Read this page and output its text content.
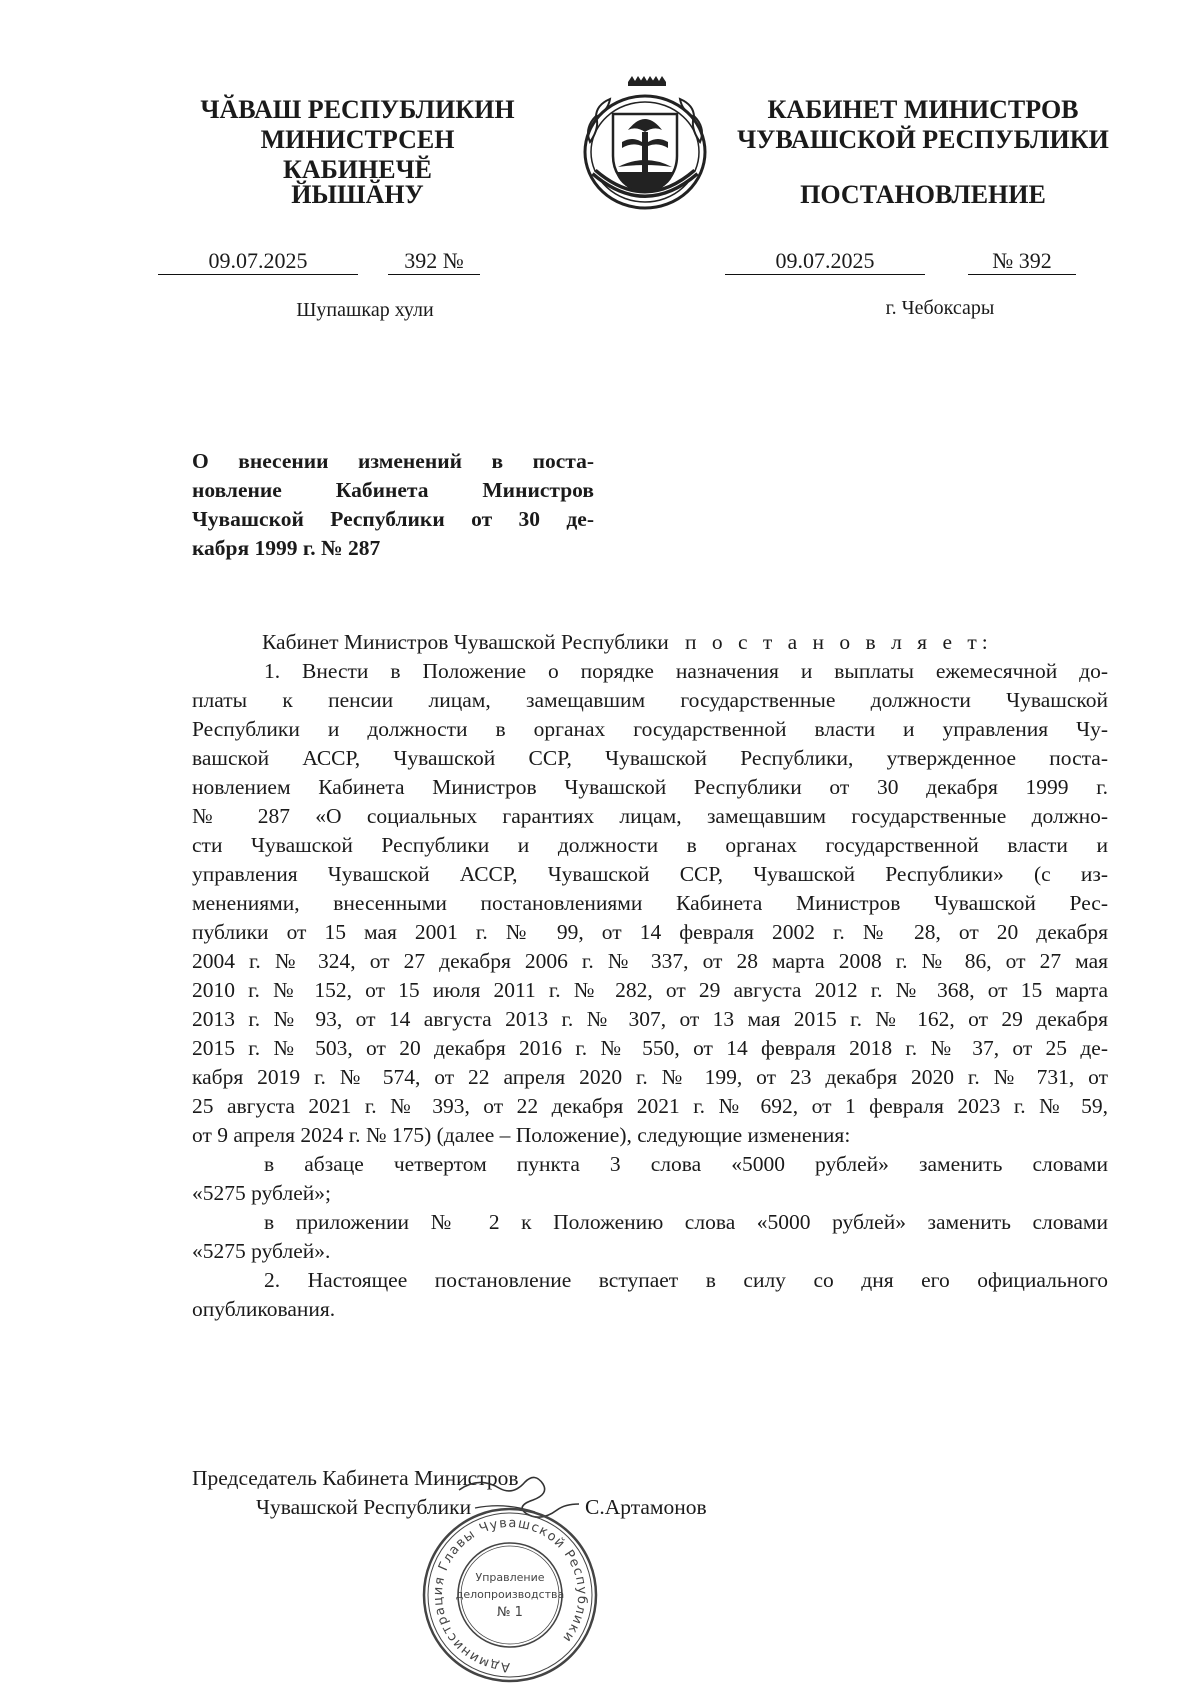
ЧӐВАШ РЕСПУБЛИКИН
МИНИСТРСЕН КАБИНЕЧӖ
ЙЫШӐНУ
КАБИНЕТ МИНИСТРОВ
ЧУВАШСКОЙ РЕСПУБЛИКИ
ПОСТАНОВЛЕНИЕ
09.07.2025	392 №	09.07.2025	№ 392
Шупашкар хули	г. Чебоксары
О внесении изменений в поста-
новление Кабинета Министров
Чувашской Республики от 30 де-
кабря 1999 г. № 287
Кабинет Министров Чувашской Республики п о с т а н о в л я е т:
1. Внести в Положение о порядке назначения и выплаты ежемесячной до-
платы к пенсии лицам, замещавшим государственные должности Чувашской
Республики и должности в органах государственной власти и управления Чу-
вашской АССР, Чувашской ССР, Чувашской Республики, утвержденное поста-
новлением Кабинета Министров Чувашской Республики от 30 декабря 1999 г.
№ 287 «О социальных гарантиях лицам, замещавшим государственные должно-
сти Чувашской Республики и должности в органах государственной власти и
управления Чувашской АССР, Чувашской ССР, Чувашской Республики» (с из-
менениями, внесенными постановлениями Кабинета Министров Чувашской Рес-
публики от 15 мая 2001 г. № 99, от 14 февраля 2002 г. № 28, от 20 декабря
2004 г. № 324, от 27 декабря 2006 г. № 337, от 28 марта 2008 г. № 86, от 27 мая
2010 г. № 152, от 15 июля 2011 г. № 282, от 29 августа 2012 г. № 368, от 15 марта
2013 г. № 93, от 14 августа 2013 г. № 307, от 13 мая 2015 г. № 162, от 29 декабря
2015 г. № 503, от 20 декабря 2016 г. № 550, от 14 февраля 2018 г. № 37, от 25 де-
кабря 2019 г. № 574, от 22 апреля 2020 г. № 199, от 23 декабря 2020 г. № 731, от
25 августа 2021 г. № 393, от 22 декабря 2021 г. № 692, от 1 февраля 2023 г. № 59,
от 9 апреля 2024 г. № 175) (далее – Положение), следующие изменения:
в абзаце четвертом пункта 3 слова «5000 рублей» заменить словами
«5275 рублей»;
в приложении № 2 к Положению слова «5000 рублей» заменить словами
«5275 рублей».
2. Настоящее постановление вступает в силу со дня его официального
опубликования.
Председатель Кабинета Министров
Чувашской Республики	С.Артамонов
Администрация Главы Чувашской Республики
Управление
делопроизводства
№ 1
